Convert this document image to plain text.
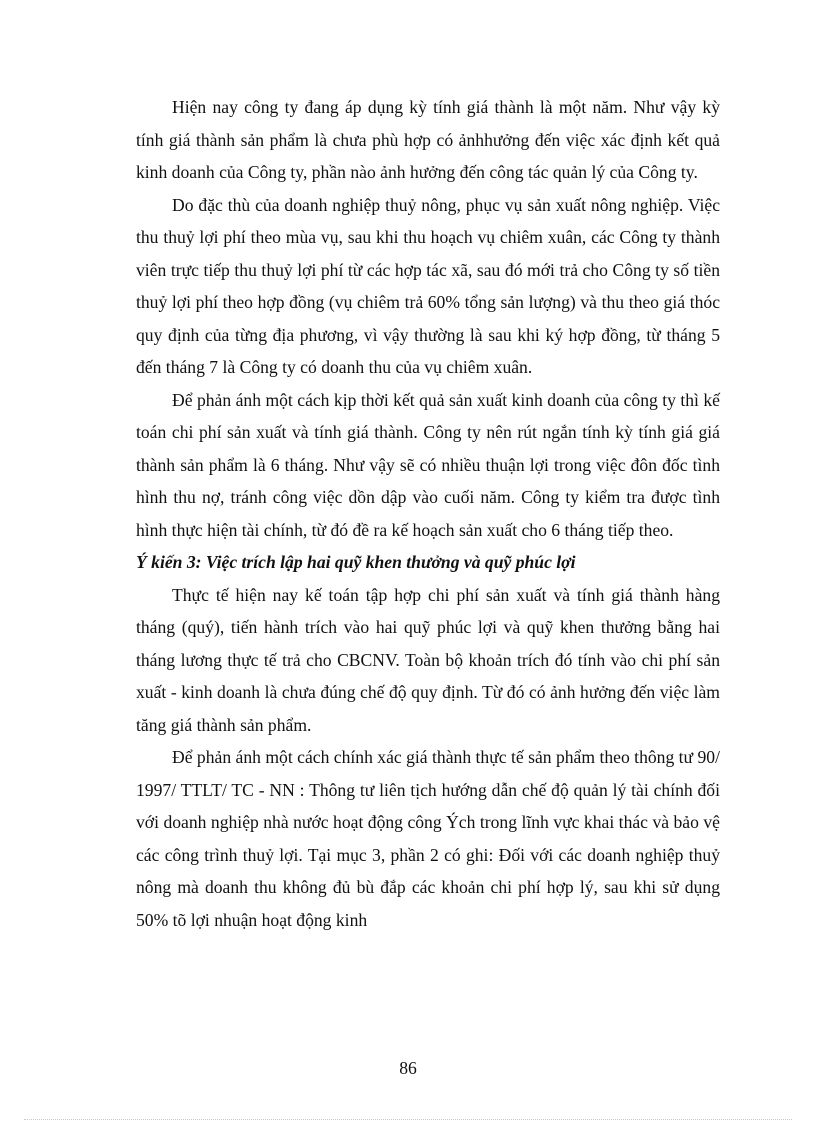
Hiện nay công ty đang áp dụng kỳ tính giá thành là một năm. Như vậy kỳ tính giá thành sản phẩm là chưa phù hợp có ảnhhưởng đến việc xác định kết quả kinh doanh của Công ty, phần nào ảnh hưởng đến công tác quản lý của Công ty.

Do đặc thù của doanh nghiệp thuỷ nông, phục vụ sản xuất nông nghiệp. Việc thu thuỷ lợi phí theo mùa vụ, sau khi thu hoạch vụ chiêm xuân, các Công ty thành viên trực tiếp thu thuỷ lợi phí từ các hợp tác xã, sau đó mới trả cho Công ty số tiền thuỷ lợi phí theo hợp đồng (vụ chiêm trả 60% tổng sản lượng) và thu theo giá thóc quy định của từng địa phương, vì vậy thường là sau khi ký hợp đồng, từ tháng 5 đến tháng 7 là Công ty có doanh thu của vụ chiêm xuân.

Để phản ánh một cách kịp thời kết quả sản xuất kinh doanh của công ty thì kế toán chi phí sản xuất và tính giá thành. Công ty nên rút ngắn tính kỳ tính giá giá thành sản phẩm là 6 tháng. Như vậy sẽ có nhiều thuận lợi trong việc đôn đốc tình hình thu nợ, tránh công việc dồn dập vào cuối năm. Công ty kiểm tra được tình hình thực hiện tài chính, từ đó đề ra kế hoạch sản xuất cho 6 tháng tiếp theo.

Ý kiến 3: Việc trích lập hai quỹ khen thưởng và quỹ phúc lợi

Thực tế hiện nay kế toán tập hợp chi phí sản xuất và tính giá thành hàng tháng (quý), tiến hành trích vào hai quỹ phúc lợi và quỹ khen thưởng bằng hai tháng lương thực tế trả cho CBCNV. Toàn bộ khoản trích đó tính vào chi phí sản xuất - kinh doanh là chưa đúng chế độ quy định. Từ đó có ảnh hưởng đến việc làm tăng giá thành sản phẩm.

Để phản ánh một cách chính xác giá thành thực tế sản phẩm theo thông tư 90/ 1997/ TTLT/ TC - NN : Thông tư liên tịch hướng dẫn chế độ quản lý tài chính đối với doanh nghiệp nhà nước hoạt động công Ých trong lĩnh vực khai thác và bảo vệ các công trình thuỷ lợi. Tại mục 3, phần 2 có ghi: Đối với các doanh nghiệp thuỷ nông mà doanh thu không đủ bù đắp các khoản chi phí hợp lý, sau khi sử dụng 50% tõ lợi nhuận hoạt động kinh

86
